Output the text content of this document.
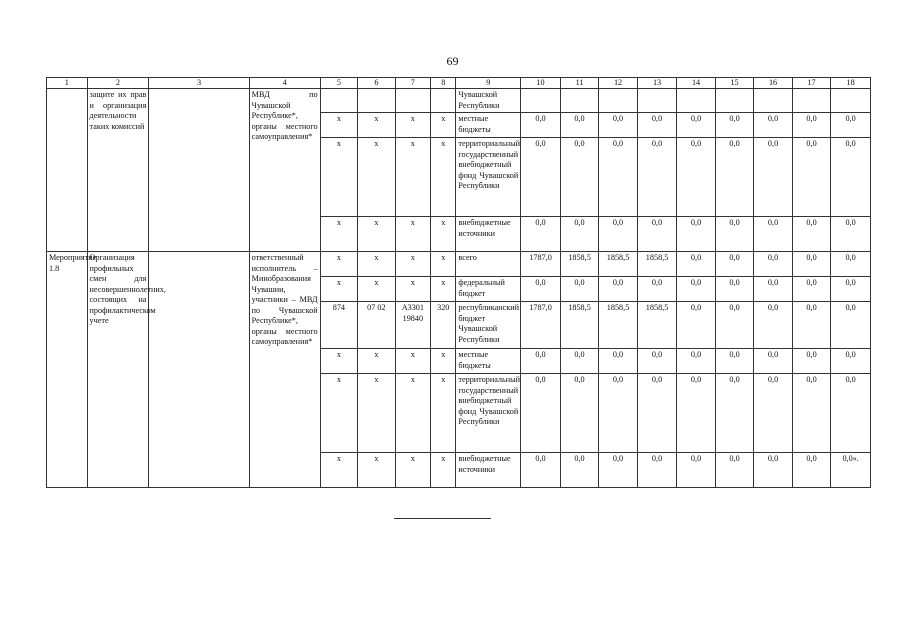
69
1	2	3	4	5	6	7	8	9	10	11	12	13	14	15	16	17	18
	защите их прав и организация деятельности таких комиссий		МВД по Чувашской Республике*, органы местного самоуправления*					Чувашской Республики									
				x	x	x	x	местные бюджеты	0,0	0,0	0,0	0,0	0,0	0,0	0,0	0,0	0,0
				x	x	x	x	территориальный государственный внебюджетный фонд Чувашской Республики	0,0	0,0	0,0	0,0	0,0	0,0	0,0	0,0	0,0
				x	x	x	x	внебюджетные источники	0,0	0,0	0,0	0,0	0,0	0,0	0,0	0,0	0,0
Мероприятие 1.8	Организация профильных смен для несовершеннолетних, состоящих на профилактическом учете		ответственный исполнитель – Минобразования Чувашии, участники – МВД по Чувашской Республике*, органы местного самоуправления*	x	x	x	x	всего	1787,0	1858,5	1858,5	1858,5	0,0	0,0	0,0	0,0	0,0
				x	x	x	x	федеральный бюджет	0,0	0,0	0,0	0,0	0,0	0,0	0,0	0,0	0,0
				874	07 02	А3301 19840	320	республиканский бюджет Чувашской Республики	1787,0	1858,5	1858,5	1858,5	0,0	0,0	0,0	0,0	0,0
				x	x	x	x	местные бюджеты	0,0	0,0	0,0	0,0	0,0	0,0	0,0	0,0	0,0
				x	x	x	x	территориальный государственный внебюджетный фонд Чувашской Республики	0,0	0,0	0,0	0,0	0,0	0,0	0,0	0,0	0,0
				x	x	x	x	внебюджетные источники	0,0	0,0	0,0	0,0	0,0	0,0	0,0	0,0	0,0».
